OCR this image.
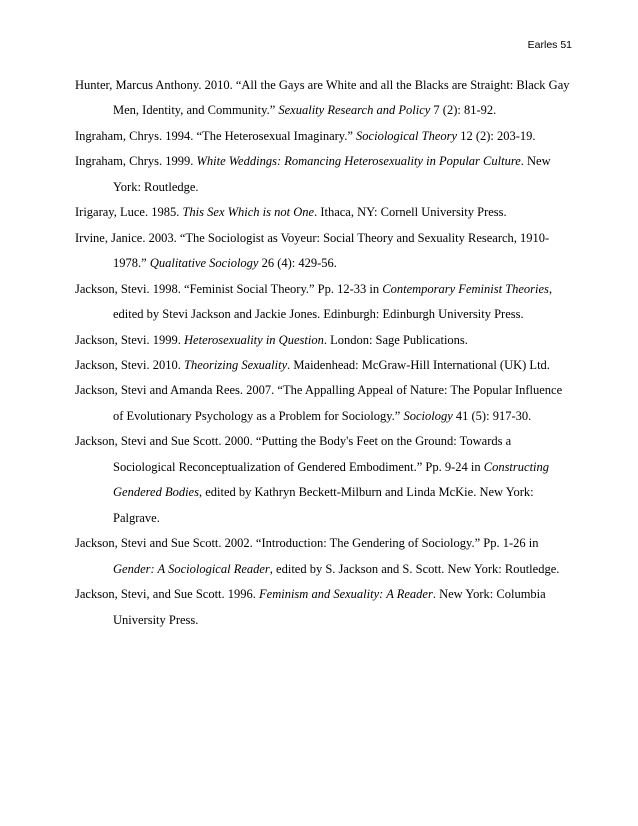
Earles 51

Hunter, Marcus Anthony. 2010. “All the Gays are White and all the Blacks are Straight: Black Gay Men, Identity, and Community.” Sexuality Research and Policy 7 (2): 81-92.

Ingraham, Chrys. 1994. “The Heterosexual Imaginary.” Sociological Theory 12 (2): 203-19.

Ingraham, Chrys. 1999. White Weddings: Romancing Heterosexuality in Popular Culture. New York: Routledge.

Irigaray, Luce. 1985. This Sex Which is not One. Ithaca, NY: Cornell University Press.

Irvine, Janice. 2003. “The Sociologist as Voyeur: Social Theory and Sexuality Research, 1910-1978.” Qualitative Sociology 26 (4): 429-56.

Jackson, Stevi. 1998. “Feminist Social Theory.” Pp. 12-33 in Contemporary Feminist Theories, edited by Stevi Jackson and Jackie Jones. Edinburgh: Edinburgh University Press.

Jackson, Stevi. 1999. Heterosexuality in Question. London: Sage Publications.

Jackson, Stevi. 2010. Theorizing Sexuality. Maidenhead: McGraw-Hill International (UK) Ltd.

Jackson, Stevi and Amanda Rees. 2007. “The Appalling Appeal of Nature: The Popular Influence of Evolutionary Psychology as a Problem for Sociology.” Sociology 41 (5): 917-30.

Jackson, Stevi and Sue Scott. 2000. “Putting the Body's Feet on the Ground: Towards a Sociological Reconceptualization of Gendered Embodiment.” Pp. 9-24 in Constructing Gendered Bodies, edited by Kathryn Beckett-Milburn and Linda McKie. New York: Palgrave.

Jackson, Stevi and Sue Scott. 2002. “Introduction: The Gendering of Sociology.” Pp. 1-26 in Gender: A Sociological Reader, edited by S. Jackson and S. Scott. New York: Routledge.

Jackson, Stevi, and Sue Scott. 1996. Feminism and Sexuality: A Reader. New York: Columbia University Press.
